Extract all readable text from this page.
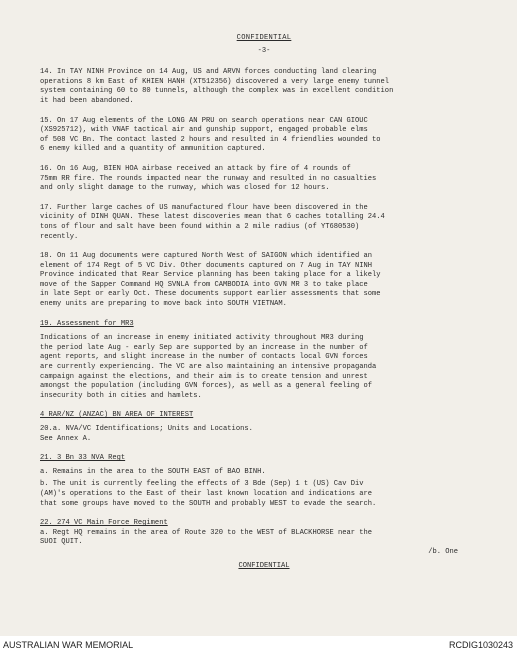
CONFIDENTIAL
-3-
14. In TAY NINH Province on 14 Aug, US and ARVN forces conducting land clearing
operations 8 km East of KHIEN HANH (XT512356) discovered a very large enemy tunnel
system containing 60 to 80 tunnels, although the complex was in excellent condition
it had been abandoned.
15. On 17 Aug elements of the LONG AN PRU on search operations near CAN GIOUC
(XS925712), with VNAF tactical air and gunship support, engaged probable elms
of 508 VC Bn. The contact lasted 2 hours and resulted in 4 friendlies wounded to
6 enemy killed and a quantity of ammunition captured.
16. On 16 Aug, BIEN HOA airbase received an attack by fire of 4 rounds of
75mm RR fire. The rounds impacted near the runway and resulted in no casualties
and only slight damage to the runway, which was closed for 12 hours.
17. Further large caches of US manufactured flour have been discovered in the
vicinity of DINH QUAN. These latest discoveries mean that 6 caches totalling 24.4
tons of flour and salt have been found within a 2 mile radius (of YT680530)
recently.
18. On 11 Aug documents were captured North West of SAIGON which identified an
element of 174 Regt of 5 VC Div. Other documents captured on 7 Aug in TAY NINH
Province indicated that Rear Service planning has been taking place for a likely
move of the Sapper Command HQ SVNLA from CAMBODIA into GVN MR 3 to take place
in late Sept or early Oct. These documents support earlier assessments that some
enemy units are preparing to move back into SOUTH VIETNAM.
19. Assessment for MR3
Indications of an increase in enemy initiated activity throughout MR3 during
the period late Aug - early Sep are supported by an increase in the number of
agent reports, and slight increase in the number of contacts local GVN forces
are currently experiencing. The VC are also maintaining an intensive propaganda
campaign against the elections, and their aim is to create tension and unrest
amongst the population (including GVN forces), as well as a general feeling of
insecurity both in cities and hamlets.
4 RAR/NZ (ANZAC) BN AREA OF INTEREST
20.a. NVA/VC Identifications; Units and Locations.
See Annex A.
21. 3 Bn 33 NVA Regt
a. Remains in the area to the SOUTH EAST of BAO BINH.
b. The unit is currently feeling the effects of 3 Bde (Sep) 1 t (US) Cav Div
(AM)'s operations to the East of their last known location and indications are
that some groups have moved to the SOUTH and probably WEST to evade the search.
22. 274 VC Main Force Regiment
a. Regt HQ remains in the area of Route 320 to the WEST of BLACKHORSE near the
SUOI QUIT.
/b. One
CONFIDENTIAL
AUSTRALIAN WAR MEMORIAL	RCDIG1030243
